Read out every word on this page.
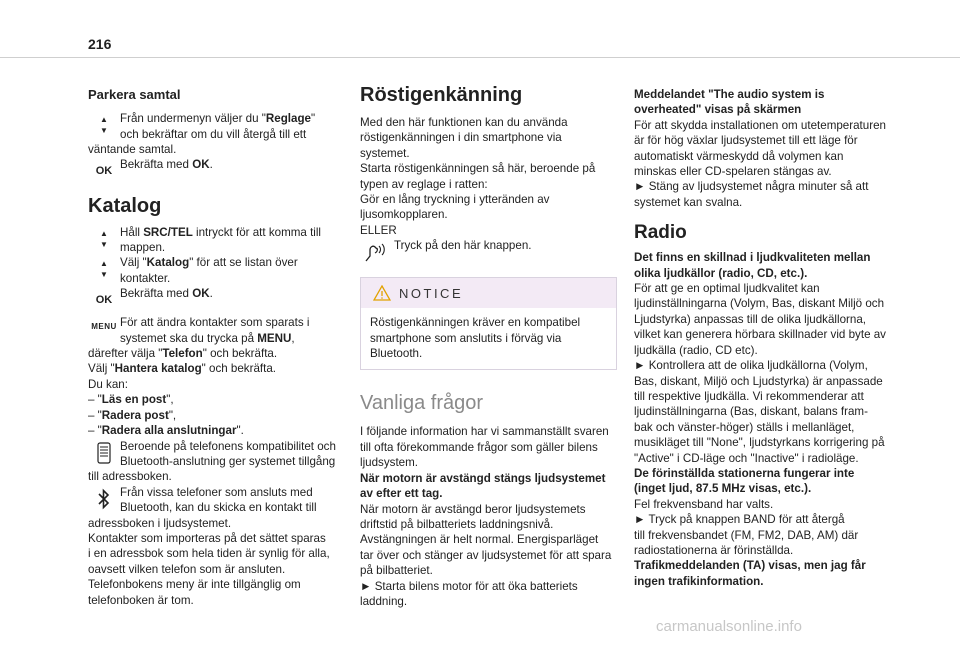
216
Parkera samtal
▲
▼

Från undermenyn väljer du "Reglage"

och bekräftar om du vill återgå till ett

väntande samtal.

OK Bekräfta med OK.

Katalog
▲
▼

Håll SRC/TEL intryckt för att komma till

mappen.

▲
▼

Välj "Katalog" för att se listan över

kontakter.

OK Bekräfta med OK.

MENU För att ändra kontakter som sparats i

systemet ska du trycka på MENU,

därefter välja "Telefon" och bekräfta.

Välj "Hantera katalog" och bekräfta.

Du kan:

– "Läs en post",

– "Radera post",

– "Radera alla anslutningar".

Beroende på telefonens kompatibilitet och

Bluetooth-anslutning ger systemet tillgång

till adressboken.

Från vissa telefoner som ansluts med

Bluetooth, kan du skicka en kontakt till

adressboken i ljudsystemet.

Kontakter som importeras på det sättet sparas

i en adressbok som hela tiden är synlig för alla,

oavsett vilken telefon som är ansluten.

Telefonbokens meny är inte tillgänglig om

telefonboken är tom.

Röstigenkänning

Med den här funktionen kan du använda

röstigenkänningen i din smartphone via

systemet.

Starta röstigenkänningen så här, beroende på

typen av reglage i ratten:

Gör en lång tryckning i ytteränden av

ljusomkopplaren.

ELLER

Tryck på den här knappen.

NOTICE

Röstigenkänningen kräver en kompatibel

smartphone som anslutits i förväg via

Bluetooth.

Vanliga frågor

I följande information har vi sammanställt svaren

till ofta förekommande frågor som gäller bilens

ljudsystem.

När motorn är avstängd stängs ljudsystemet

av efter ett tag.

När motorn är avstängd beror ljudsystemets

driftstid på bilbatteriets laddningsnivå.

Avstängningen är helt normal. Energisparläget

tar över och stänger av ljudsystemet för att spara

på bilbatteriet.

► Starta bilens motor för att öka batteriets

laddning.

Meddelandet "The audio system is

overheated" visas på skärmen

För att skydda installationen om utetemperaturen

är för hög växlar ljudsystemet till ett läge för

automatiskt värmeskydd då volymen kan

minskas eller CD-spelaren stängas av.

► Stäng av ljudsystemet några minuter så att

systemet kan svalna.

Radio

Det finns en skillnad i ljudkvaliteten mellan

olika ljudkällor (radio, CD, etc.).

För att ge en optimal ljudkvalitet kan

ljudinställningarna (Volym, Bas, diskant Miljö och

Ljudstyrka) anpassas till de olika ljudkällorna,

vilket kan generera hörbara skillnader vid byte av

ljudkälla (radio, CD etc).

► Kontrollera att de olika ljudkällorna (Volym,

Bas, diskant, Miljö och Ljudstyrka) är anpassade

till respektive ljudkälla. Vi rekommenderar att

ljudinställningarna (Bas, diskant, balans fram-

bak och vänster-höger) ställs i mellanläget,

musikläget till "None", ljudstyrkans korrigering på

"Active" i CD-läge och "Inactive" i radioläge.

De förinställda stationerna fungerar inte

(inget ljud, 87.5 MHz visas, etc.).

Fel frekvensband har valts.

► Tryck på knappen BAND för att återgå

till frekvensbandet (FM, FM2, DAB, AM) där

radiostationerna är förinställda.

Trafikmeddelanden (TA) visas, men jag får

ingen trafikinformation.

carmanualsonline.info
